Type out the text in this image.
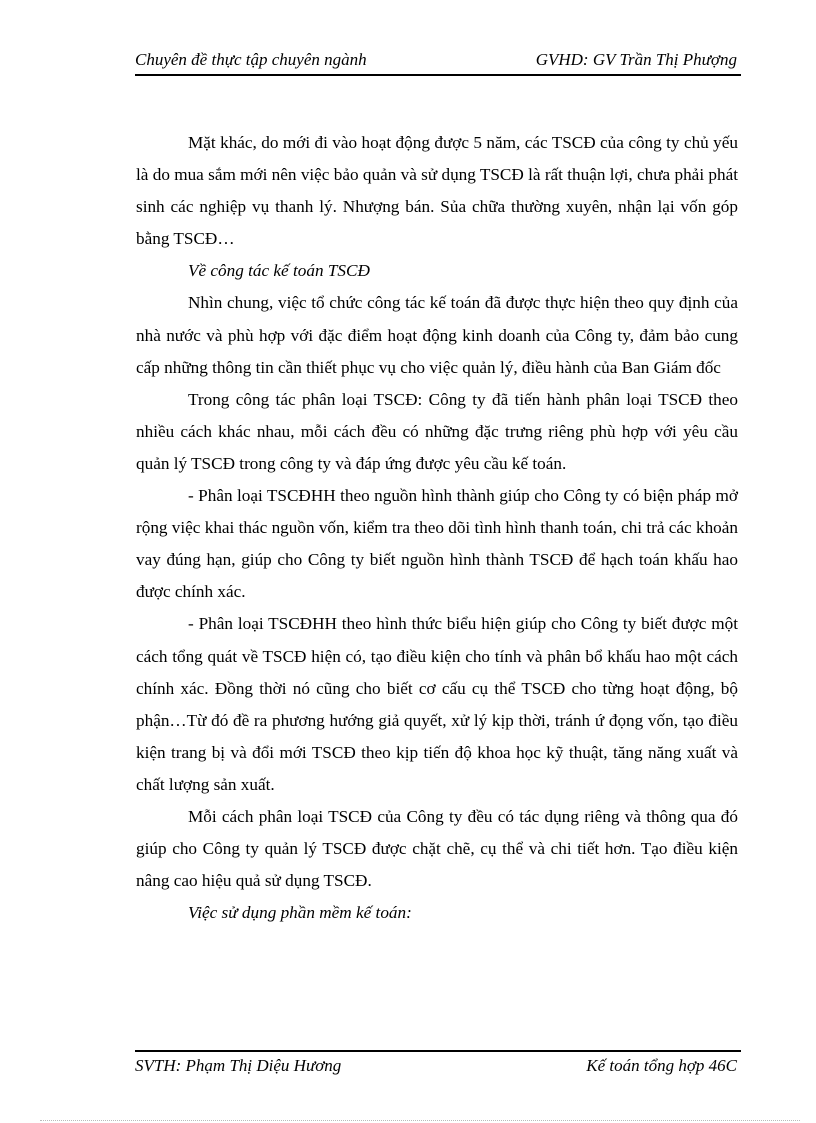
Chuyên đề thực tập chuyên ngành	GVHD: GV Trần Thị Phượng

Mặt khác, do mới đi vào hoạt động được 5 năm, các TSCĐ của công ty chủ yếu là do mua sắm mới nên việc bảo quản và sử dụng TSCĐ là rất thuận lợi, chưa phải phát sinh các nghiệp vụ thanh lý. Nhượng bán. Sủa chữa thường xuyên, nhận lại vốn góp bằng TSCĐ…

Về công tác kế toán TSCĐ

Nhìn chung, việc tổ chức công tác kế toán đã được thực hiện theo quy định của nhà nước và phù hợp với đặc điểm hoạt động kinh doanh của Công ty, đảm bảo cung cấp những thông tin cần thiết phục vụ cho việc quản lý, điều hành của Ban Giám đốc

Trong công tác phân loại TSCĐ: Công ty đã tiến hành phân loại TSCĐ theo nhiều cách khác nhau, mỗi cách đều có những đặc trưng riêng phù hợp với yêu cầu quản lý TSCĐ trong công ty và đáp ứng được yêu cầu kế toán.

- Phân loại TSCĐHH theo nguồn hình thành giúp cho Công ty có biện pháp mở rộng việc khai thác nguồn vốn, kiểm tra theo dõi tình hình thanh toán, chi trả các khoản vay đúng hạn, giúp cho Công ty biết nguồn hình thành TSCĐ để hạch toán khấu hao được chính xác.

- Phân loại TSCĐHH theo hình thức biểu hiện giúp cho Công ty biết được một cách tổng quát về TSCĐ hiện có, tạo điều kiện cho tính và phân bổ khấu hao một cách chính xác. Đồng thời nó cũng cho biết cơ cấu cụ thể TSCĐ cho từng hoạt động, bộ phận…Từ đó đề ra phương hướng giả quyết, xử lý kịp thời, tránh ứ đọng vốn, tạo điều kiện trang bị và đổi mới TSCĐ theo kịp tiến độ khoa học kỹ thuật, tăng năng xuất và chất lượng sản xuất.

Mỗi cách phân loại TSCĐ của Công ty đều có tác dụng riêng và thông qua đó giúp cho Công ty quản lý TSCĐ được chặt chẽ, cụ thể và chi tiết hơn. Tạo điều kiện nâng cao hiệu quả sử dụng TSCĐ.

Việc sử dụng phần mềm kế toán:

SVTH: Phạm Thị Diệu Hương	Kế toán tổng hợp 46C
